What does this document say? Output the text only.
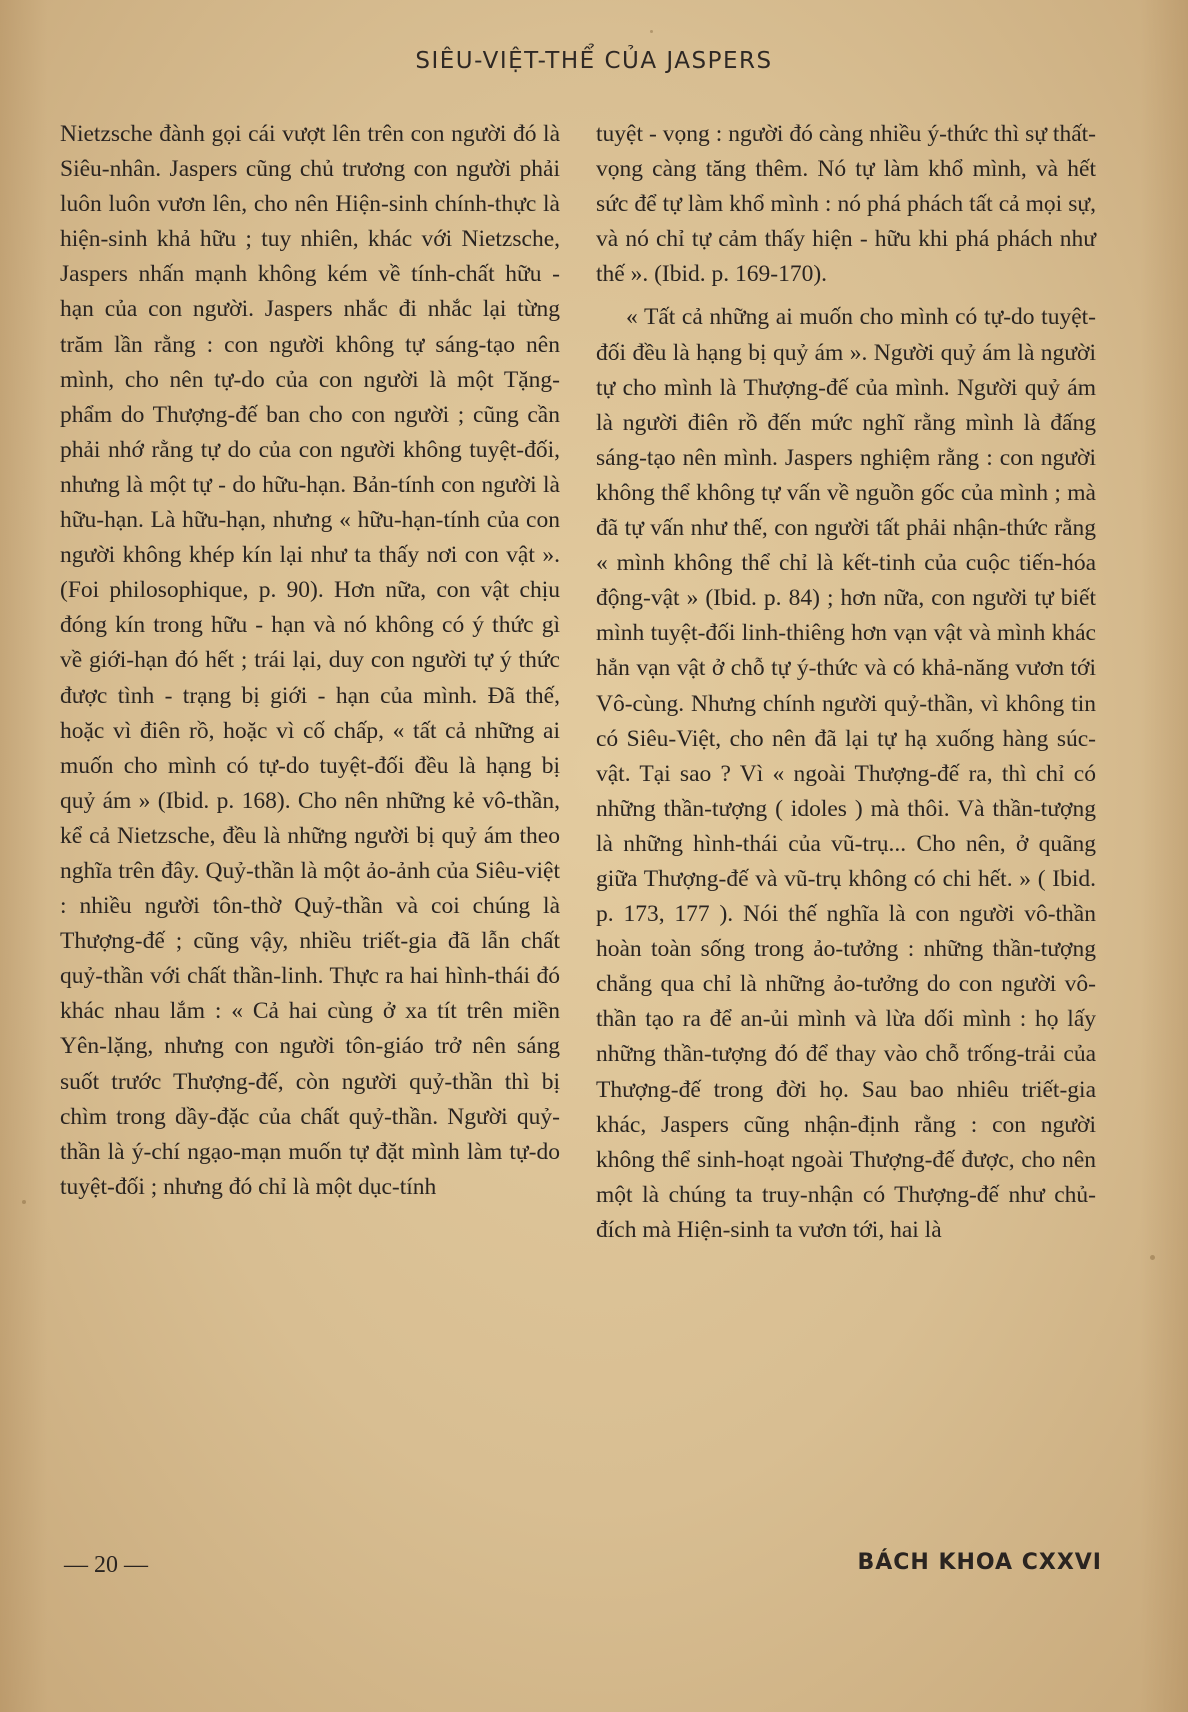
SIÊU-VIỆT-THỂ CỦA JASPERS

Nietzsche đành gọi cái vượt lên trên con người đó là Siêu-nhân. Jaspers cũng chủ trương con người phải luôn luôn vươn lên, cho nên Hiện-sinh chính-thực là hiện-sinh khả hữu ; tuy nhiên, khác với Nietzsche, Jaspers nhấn mạnh không kém về tính-chất hữu - hạn của con người. Jaspers nhắc đi nhắc lại từng trăm lần rằng : con người không tự sáng-tạo nên mình, cho nên tự-do của con người là một Tặng-phẩm do Thượng-đế ban cho con người ; cũng cần phải nhớ rằng tự do của con người không tuyệt-đối, nhưng là một tự - do hữu-hạn. Bản-tính con người là hữu-hạn. Là hữu-hạn, nhưng « hữu-hạn-tính của con người không khép kín lại như ta thấy nơi con vật ». (Foi philosophique, p. 90). Hơn nữa, con vật chịu đóng kín trong hữu - hạn và nó không có ý thức gì về giới-hạn đó hết ; trái lại, duy con người tự ý thức được tình - trạng bị giới - hạn của mình. Đã thế, hoặc vì điên rồ, hoặc vì cố chấp, « tất cả những ai muốn cho mình có tự-do tuyệt-đối đều là hạng bị quỷ ám » (Ibid. p. 168). Cho nên những kẻ vô-thần, kể cả Nietzsche, đều là những người bị quỷ ám theo nghĩa trên đây. Quỷ-thần là một ảo-ảnh của Siêu-việt : nhiều người tôn-thờ Quỷ-thần và coi chúng là Thượng-đế ; cũng vậy, nhiều triết-gia đã lẫn chất quỷ-thần với chất thần-linh. Thực ra hai hình-thái đó khác nhau lắm : « Cả hai cùng ở xa tít trên miền Yên-lặng, nhưng con người tôn-giáo trở nên sáng suốt trước Thượng-đế, còn người quỷ-thần thì bị chìm trong dầy-đặc của chất quỷ-thần. Người quỷ-thần là ý-chí ngạo-mạn muốn tự đặt mình làm tự-do tuyệt-đối ; nhưng đó chỉ là một dục-tính

tuyệt - vọng : người đó càng nhiều ý-thức thì sự thất-vọng càng tăng thêm. Nó tự làm khổ mình, và hết sức để tự làm khổ mình : nó phá phách tất cả mọi sự, và nó chỉ tự cảm thấy hiện - hữu khi phá phách như thế ». (Ibid. p. 169-170).

« Tất cả những ai muốn cho mình có tự-do tuyệt-đối đều là hạng bị quỷ ám ». Người quỷ ám là người tự cho mình là Thượng-đế của mình. Người quỷ ám là người điên rồ đến mức nghĩ rằng mình là đấng sáng-tạo nên mình. Jaspers nghiệm rằng : con người không thể không tự vấn về nguồn gốc của mình ; mà đã tự vấn như thế, con người tất phải nhận-thức rằng « mình không thể chỉ là kết-tinh của cuộc tiến-hóa động-vật » (Ibid. p. 84) ; hơn nữa, con người tự biết mình tuyệt-đối linh-thiêng hơn vạn vật và mình khác hẳn vạn vật ở chỗ tự ý-thức và có khả-năng vươn tới Vô-cùng. Nhưng chính người quỷ-thần, vì không tin có Siêu-Việt, cho nên đã lại tự hạ xuống hàng súc-vật. Tại sao ? Vì « ngoài Thượng-đế ra, thì chỉ có những thần-tượng ( idoles ) mà thôi. Và thần-tượng là những hình-thái của vũ-trụ... Cho nên, ở quãng giữa Thượng-đế và vũ-trụ không có chi hết. » ( Ibid. p. 173, 177 ). Nói thế nghĩa là con người vô-thần hoàn toàn sống trong ảo-tưởng : những thần-tượng chẳng qua chỉ là những ảo-tưởng do con người vô-thần tạo ra để an-ủi mình và lừa dối mình : họ lấy những thần-tượng đó để thay vào chỗ trống-trải của Thượng-đế trong đời họ. Sau bao nhiêu triết-gia khác, Jaspers cũng nhận-định rằng : con người không thể sinh-hoạt ngoài Thượng-đế được, cho nên một là chúng ta truy-nhận có Thượng-đế như chủ-đích mà Hiện-sinh ta vươn tới, hai là

— 20 —	BÁCH KHOA CXXVI
